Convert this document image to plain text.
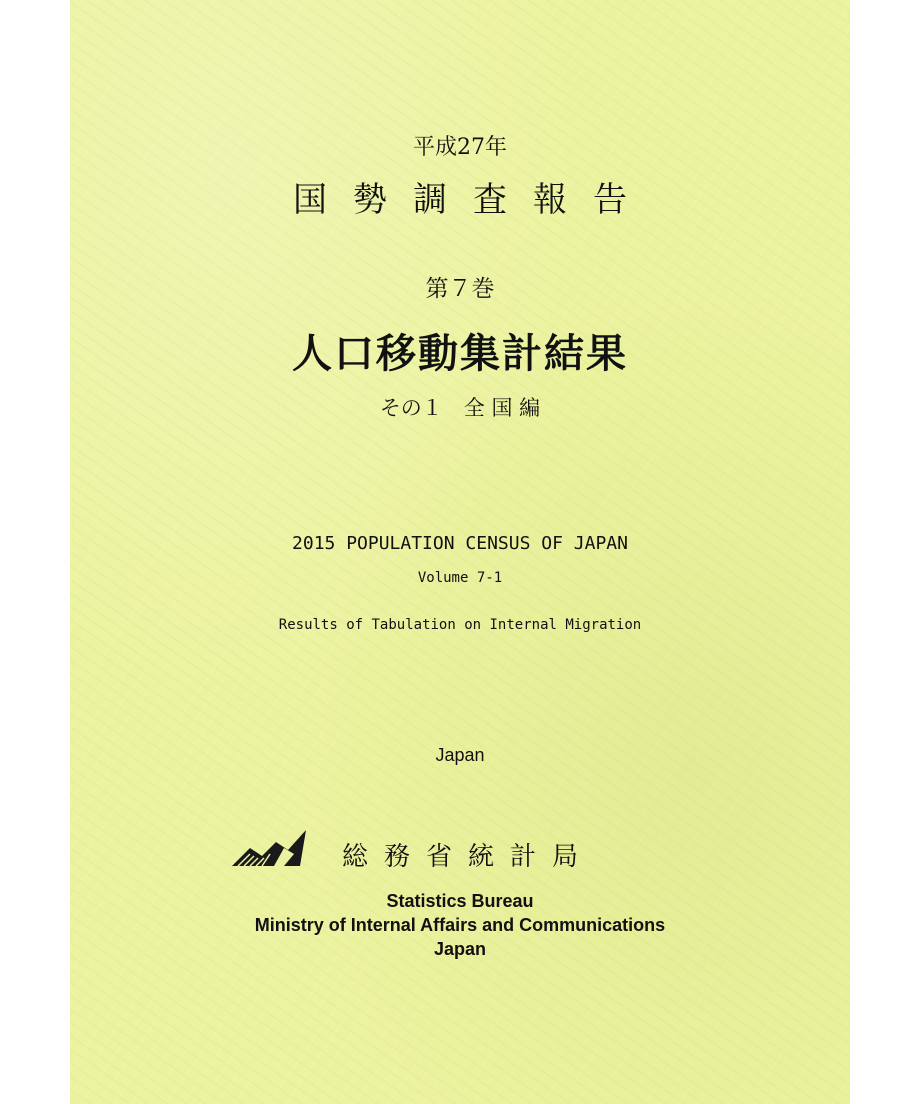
平成27年
国勢調査報告
第７巻
人口移動集計結果
その１　全 国 編
2015 POPULATION CENSUS OF JAPAN
Volume 7-1
Results of Tabulation on Internal Migration
Japan
総務省統計局
Statistics Bureau
Ministry of Internal Affairs and Communications
Japan
